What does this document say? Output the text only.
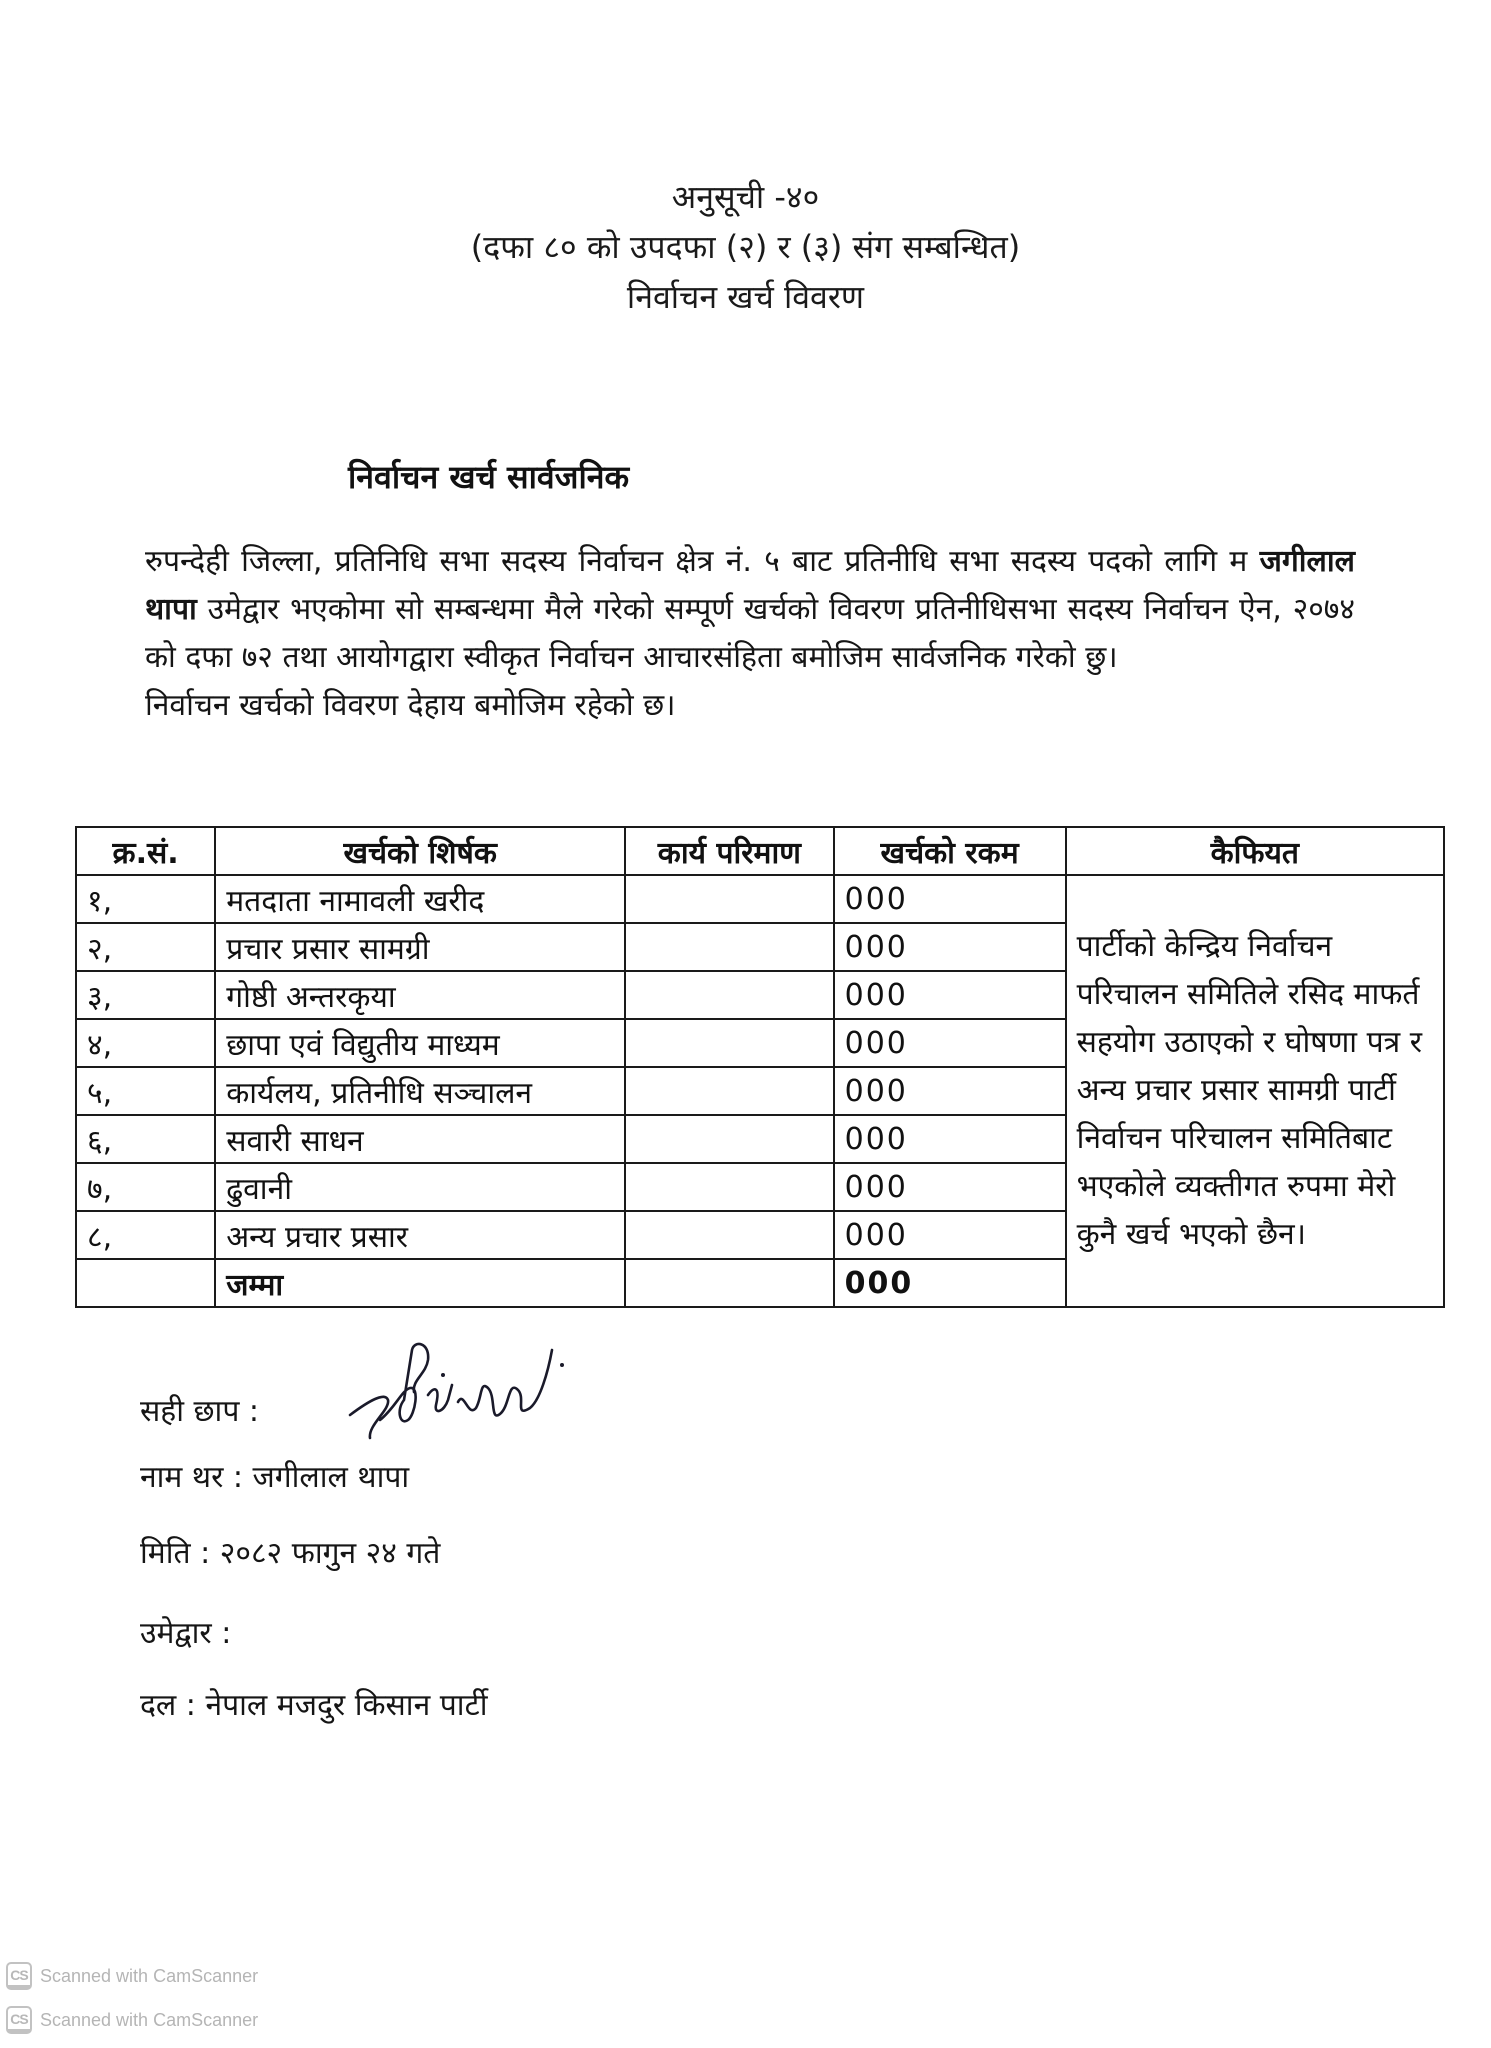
अनुसूची -४०
(दफा ८० को उपदफा (२) र (३) संग सम्बन्धित)
निर्वाचन खर्च विवरण
निर्वाचन खर्च सार्वजनिक

रुपन्देही जिल्ला, प्रतिनिधि सभा सदस्य निर्वाचन क्षेत्र नं. ५ बाट प्रतिनीधि सभा सदस्य पदको लागि म जगीलाल थापा उमेद्वार भएकोमा सो सम्बन्धमा मैले गरेको सम्पूर्ण खर्चको विवरण प्रतिनीधिसभा सदस्य निर्वाचन ऐन, २०७४ को दफा ७२ तथा आयोगद्वारा स्वीकृत निर्वाचन आचारसंहिता बमोजिम सार्वजनिक गरेको छु।

निर्वाचन खर्चको विवरण देहाय बमोजिम रहेको छ।

क्र.सं.	खर्चको शिर्षक	कार्य परिमाण	खर्चको रकम	कैफियत
१,	मतदाता नामावली खरीद		000	पार्टीको केन्द्रिय निर्वाचन परिचालन समितिले रसिद माफर्त सहयोग उठाएको र घोषणा पत्र र अन्य प्रचार प्रसार सामग्री पार्टी निर्वाचन परिचालन समितिबाट भएकोले व्यक्तीगत रुपमा मेरो कुनै खर्च भएको छैन।
२,	प्रचार प्रसार सामग्री		000	
३,	गोष्ठी अन्तरकृया		000	
४,	छापा एवं विद्युतीय माध्यम		000	
५,	कार्यलय, प्रतिनीधि सञ्चालन		000	
६,	सवारी साधन		000	
७,	ढुवानी		000	
८,	अन्य प्रचार प्रसार		000	
	जम्मा		000	
सही छाप :
नाम थर : जगीलाल थापा
मिति : २०८२ फागुन २४ गते
उमेद्वार :
दल : नेपाल मजदुर किसान पार्टी
CS Scanned with CamScanner
CS Scanned with CamScanner
